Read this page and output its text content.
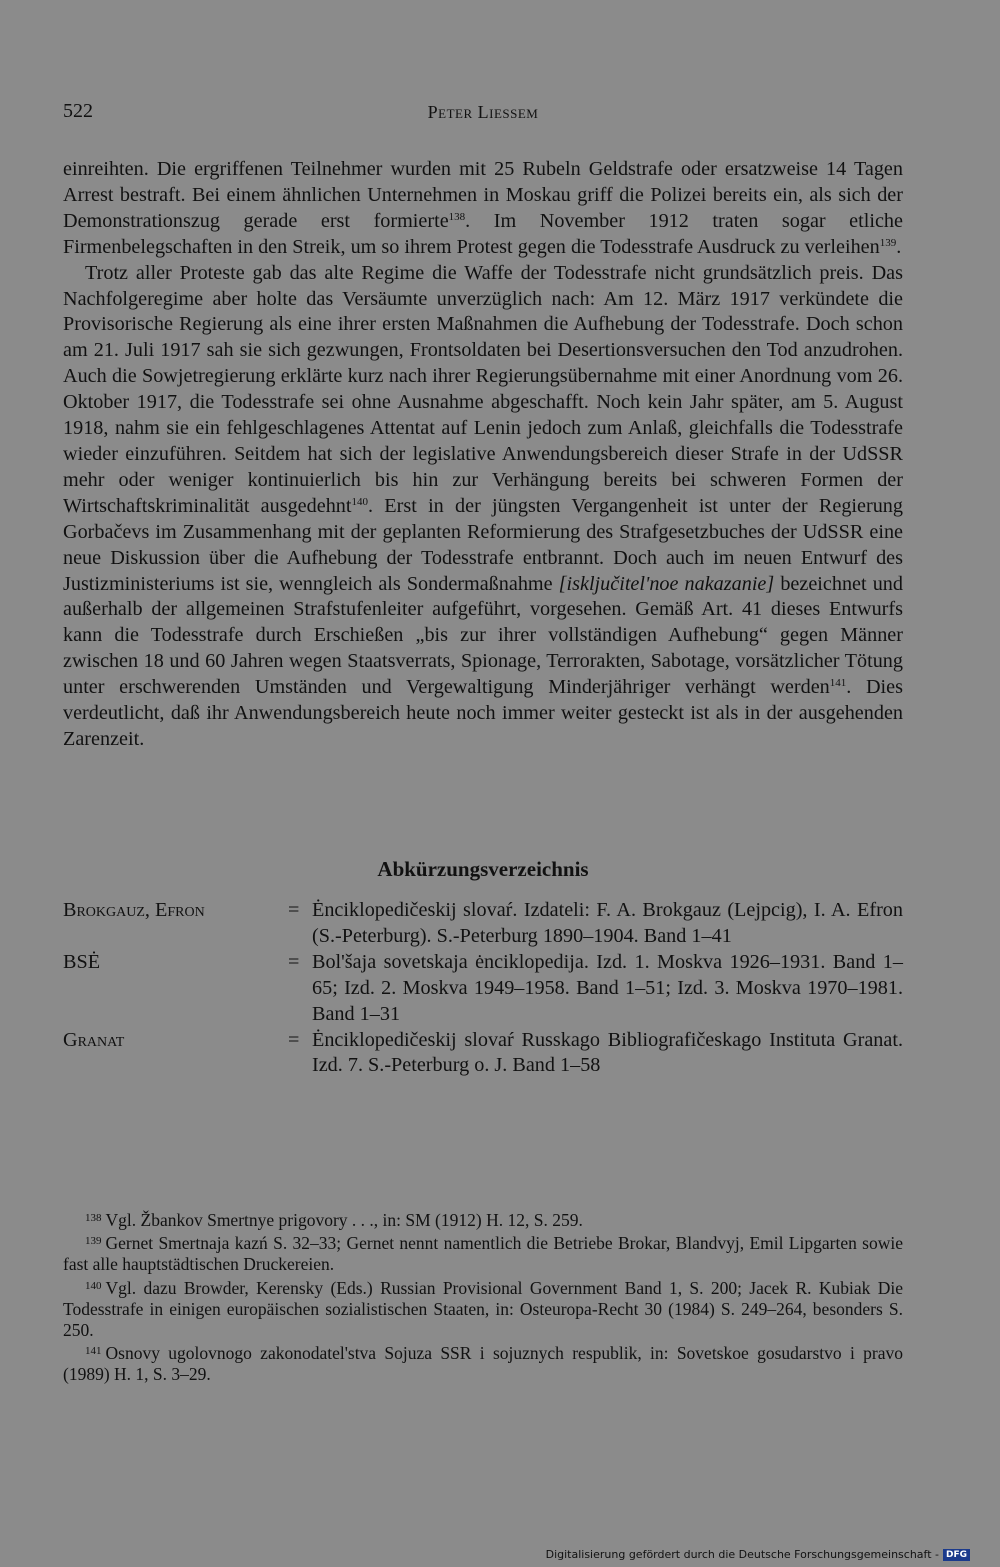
522	Peter Liessem

einreihten. Die ergriffenen Teilnehmer wurden mit 25 Rubeln Geldstrafe oder ersatzweise 14 Tagen Arrest bestraft. Bei einem ähnlichen Unternehmen in Moskau griff die Polizei bereits ein, als sich der Demonstrationszug gerade erst formierte$^{138}$. Im November 1912 traten sogar etliche Firmenbelegschaften in den Streik, um so ihrem Protest gegen die Todesstrafe Ausdruck zu verleihen$^{139}$.

Trotz aller Proteste gab das alte Regime die Waffe der Todesstrafe nicht grundsätzlich preis. Das Nachfolgeregime aber holte das Versäumte unverzüglich nach: Am 12. März 1917 verkündete die Provisorische Regierung als eine ihrer ersten Maßnahmen die Aufhebung der Todesstrafe. Doch schon am 21. Juli 1917 sah sie sich gezwungen, Frontsoldaten bei Desertionsversuchen den Tod anzudrohen. Auch die Sowjetregierung erklärte kurz nach ihrer Regierungsübernahme mit einer Anordnung vom 26. Oktober 1917, die Todesstrafe sei ohne Ausnahme abgeschafft. Noch kein Jahr später, am 5. August 1918, nahm sie ein fehlgeschlagenes Attentat auf Lenin jedoch zum Anlaß, gleichfalls die Todesstrafe wieder einzuführen. Seitdem hat sich der legislative Anwendungsbereich dieser Strafe in der UdSSR mehr oder weniger kontinuierlich bis hin zur Verhängung bereits bei schweren Formen der Wirtschaftskriminalität ausgedehnt$^{140}$. Erst in der jüngsten Vergangenheit ist unter der Regierung Gorbačevs im Zusammenhang mit der geplanten Reformierung des Strafgesetzbuches der UdSSR eine neue Diskussion über die Aufhebung der Todesstrafe entbrannt. Doch auch im neuen Entwurf des Justizministeriums ist sie, wenngleich als Sondermaßnahme [isključitel'noe nakazanie] bezeichnet und außerhalb der allgemeinen Strafstufenleiter aufgeführt, vorgesehen. Gemäß Art. 41 dieses Entwurfs kann die Todesstrafe durch Erschießen „bis zur ihrer vollständigen Aufhebung“ gegen Männer zwischen 18 und 60 Jahren wegen Staatsverrats, Spionage, Terrorakten, Sabotage, vorsätzlicher Tötung unter erschwerenden Umständen und Vergewaltigung Minderjähriger verhängt werden$^{141}$. Dies verdeutlicht, daß ihr Anwendungsbereich heute noch immer weiter gesteckt ist als in der ausgehenden Zarenzeit.

Abkürzungsverzeichnis
Brokgauz, Efron	= Ėnciklopedičeskij slovaŕ. Izdateli: F. A. Brokgauz (Lejpcig), I. A. Efron (S.-Peterburg). S.-Peterburg 1890–1904. Band 1–41
BSĖ	= Bol'šaja sovetskaja ėnciklopedija. Izd. 1. Moskva 1926–1931. Band 1–65; Izd. 2. Moskva 1949–1958. Band 1–51; Izd. 3. Moskva 1970–1981. Band 1–31
Granat	= Ėnciklopedičeskij slovaŕ Russkago Bibliografičeskago Instituta Granat. Izd. 7. S.-Peterburg o. J. Band 1–58

$^{138}$ Vgl. Žbankov Smertnye prigovory . . ., in: SM (1912) H. 12, S. 259.

$^{139}$ Gernet Smertnaja kazń S. 32–33; Gernet nennt namentlich die Betriebe Brokar, Blandvyj, Emil Lipgarten sowie fast alle hauptstädtischen Druckereien.

$^{140}$ Vgl. dazu Browder, Kerensky (Eds.) Russian Provisional Government Band 1, S. 200; Jacek R. Kubiak Die Todesstrafe in einigen europäischen sozialistischen Staaten, in: Osteuropa-Recht 30 (1984) S. 249–264, besonders S. 250.

$^{141}$ Osnovy ugolovnogo zakonodatel'stva Sojuza SSR i sojuznych respublik, in: Sovetskoe gosudarstvo i pravo (1989) H. 1, S. 3–29.

Digitalisierung gefördert durch die Deutsche Forschungsgemeinschaft - DFG
